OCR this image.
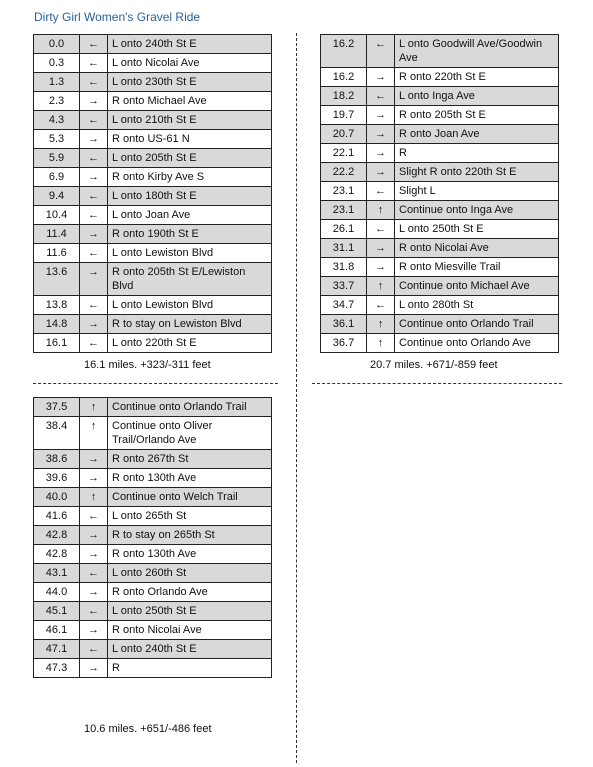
Dirty Girl Women's Gravel Ride
0.0	←	L onto 240th St E
0.3	←	L onto Nicolai Ave
1.3	←	L onto 230th St E
2.3	→	R onto Michael Ave
4.3	←	L onto 210th St E
5.3	→	R onto US-61 N
5.9	←	L onto 205th St E
6.9	→	R onto Kirby Ave S
9.4	←	L onto 180th St E
10.4	←	L onto Joan Ave
11.4	→	R onto 190th St E
11.6	←	L onto Lewiston Blvd
13.6	→	R onto 205th St E/Lewiston Blvd
13.8	←	L onto Lewiston Blvd
14.8	→	R to stay on Lewiston Blvd
16.1	←	L onto 220th St E
16.1 miles. +323/-311 feet
16.2	←	L onto Goodwill Ave/Goodwin Ave
16.2	→	R onto 220th St E
18.2	←	L onto Inga Ave
19.7	→	R onto 205th St E
20.7	→	R onto Joan Ave
22.1	→	R
22.2	→	Slight R onto 220th St E
23.1	←	Slight L
23.1	↑	Continue onto Inga Ave
26.1	←	L onto 250th St E
31.1	→	R onto Nicolai Ave
31.8	→	R onto Miesville Trail
33.7	↑	Continue onto Michael Ave
34.7	←	L onto 280th St
36.1	↑	Continue onto Orlando Trail
36.7	↑	Continue onto Orlando Ave
20.7 miles. +671/-859 feet
37.5	↑	Continue onto Orlando Trail
38.4	↑	Continue onto Oliver Trail/Orlando Ave
38.6	→	R onto 267th St
39.6	→	R onto 130th Ave
40.0	↑	Continue onto Welch Trail
41.6	←	L onto 265th St
42.8	→	R to stay on 265th St
42.8	→	R onto 130th Ave
43.1	←	L onto 260th St
44.0	→	R onto Orlando Ave
45.1	←	L onto 250th St E
46.1	→	R onto Nicolai Ave
47.1	←	L onto 240th St E
47.3	→	R
10.6 miles. +651/-486 feet
